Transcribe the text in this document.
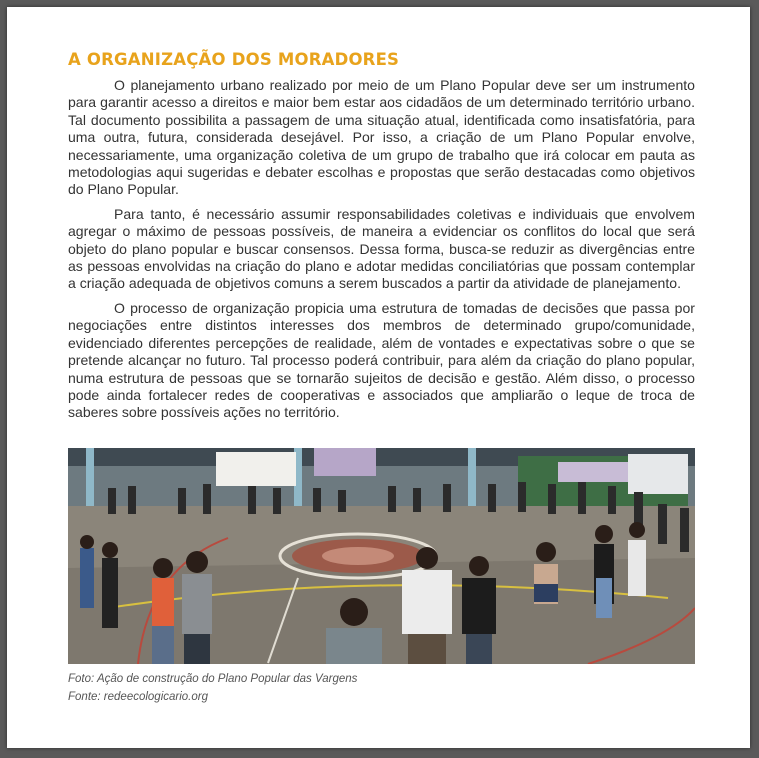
A ORGANIZAÇÃO DOS MORADORES

O planejamento urbano realizado por meio de um Plano Popular deve ser um instrumento para garantir acesso a direitos e maior bem estar aos cidadãos de um determinado território urbano. Tal documento possibilita a passagem de uma situação atual, identificada como insatisfatória, para uma outra, futura, considerada desejável. Por isso, a criação de um Plano Popular envolve, necessariamente, uma organização coletiva de um grupo de trabalho que irá colocar em pauta as metodologias aqui sugeridas e debater escolhas e propostas que serão destacadas como objetivos do Plano Popular.

Para tanto, é necessário assumir responsabilidades coletivas e individuais que envolvem agregar o máximo de pessoas possíveis, de maneira a evidenciar os conflitos do local que será objeto do plano popular e buscar consensos. Dessa forma, busca-se reduzir as divergências entre as pessoas envolvidas na criação do plano e adotar medidas conciliatórias que possam contemplar a criação adequada de objetivos comuns a serem buscados a partir da atividade de planejamento.

O processo de organização propicia uma estrutura de tomadas de decisões que passa por negociações entre distintos interesses dos membros de determinado grupo/comunidade, evidenciado diferentes percepções de realidade, além de vontades e expectativas sobre o que se pretende alcançar no futuro. Tal processo poderá contribuir, para além da criação do plano popular, numa estrutura de pessoas que se tornarão sujeitos de decisão e gestão. Além disso, o processo pode ainda fortalecer redes de cooperativas e associados que ampliarão o leque de troca de saberes sobre possíveis ações no território.

Foto: Ação de construção do Plano Popular das Vargens
Fonte: redeecologicario.org
